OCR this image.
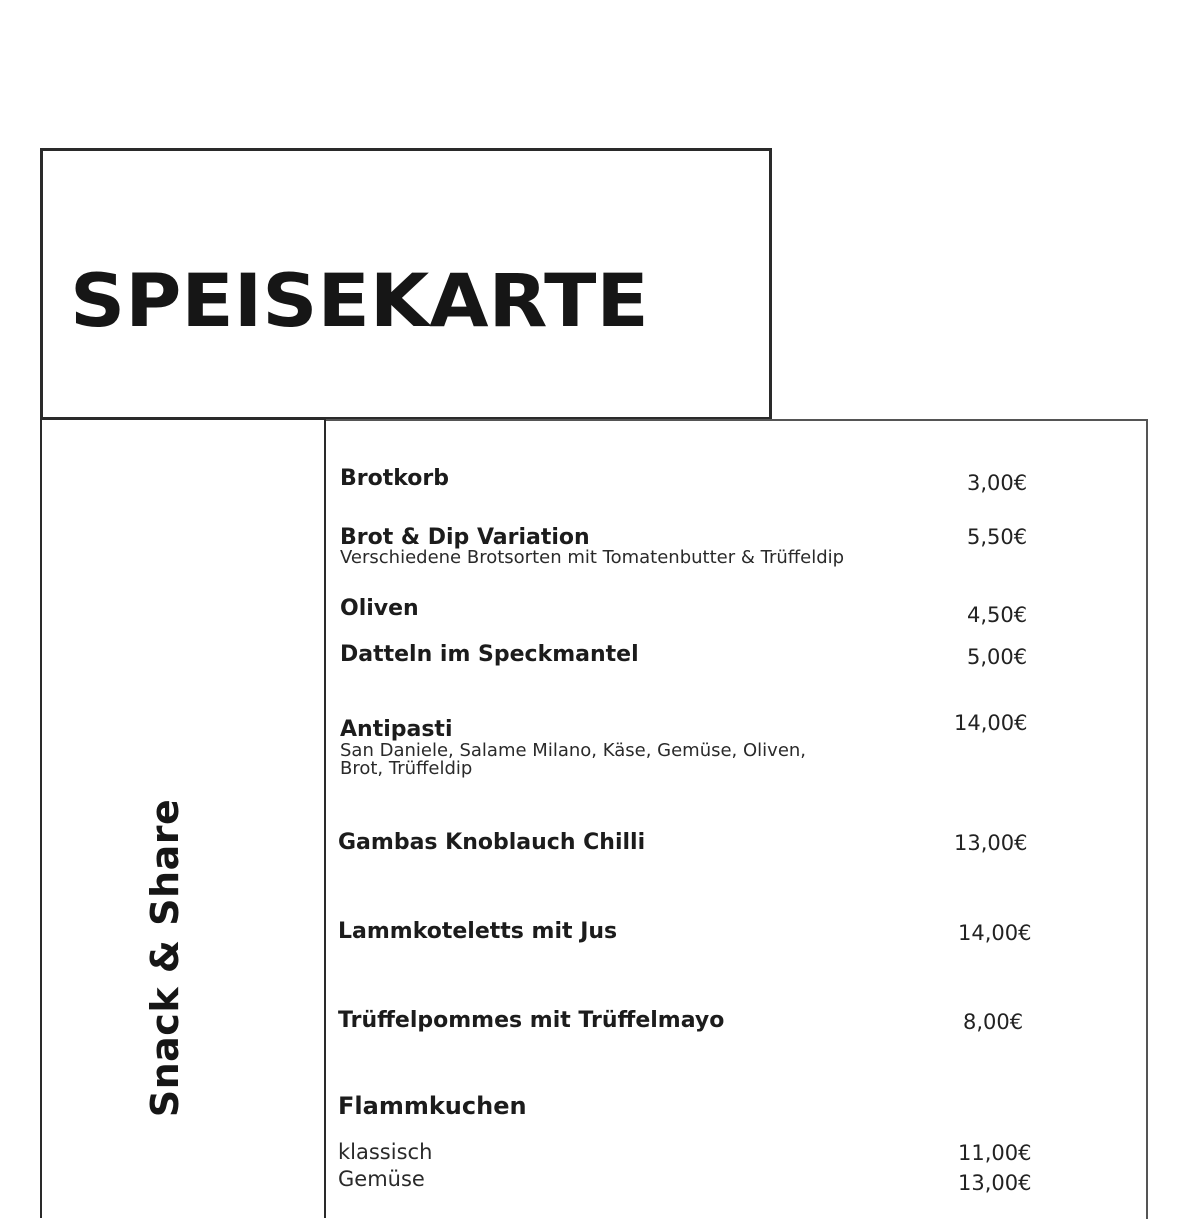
SPEISEKARTE
Snack & Share
Brotkorb	3,00€
Brot & Dip Variation
Verschiedene Brotsorten mit Tomatenbutter & Trüffeldip
5,50€
Oliven	4,50€
Datteln im Speckmantel	5,00€
Antipasti
San Daniele, Salame Milano, Käse, Gemüse, Oliven,
Brot, Trüffeldip
14,00€
Gambas Knoblauch Chilli	13,00€
Lammkoteletts mit Jus	14,00€
Trüffelpommes mit Trüffelmayo	8,00€
Flammkuchen
klassisch	11,00€
Gemüse	13,00€
